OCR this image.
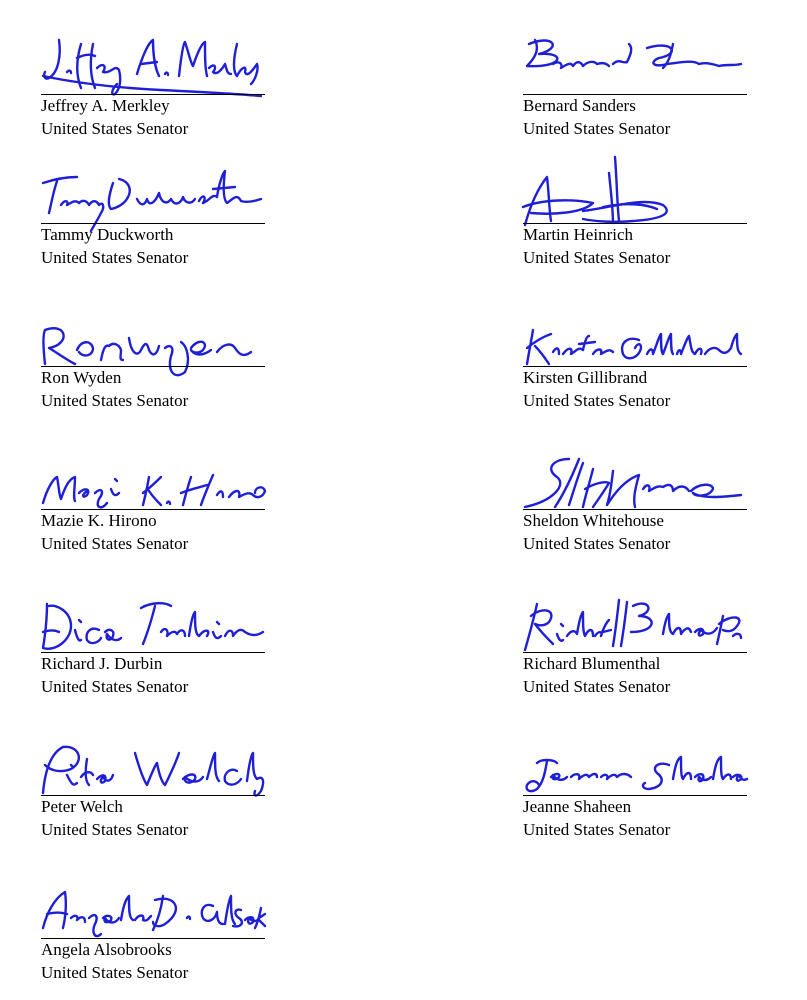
Jeffrey A. Merkley
United States Senator
Bernard Sanders
United States Senator
Tammy Duckworth
United States Senator
Martin Heinrich
United States Senator
Ron Wyden
United States Senator
Kirsten Gillibrand
United States Senator
Mazie K. Hirono
United States Senator
Sheldon Whitehouse
United States Senator
Richard J. Durbin
United States Senator
Richard Blumenthal
United States Senator
Peter Welch
United States Senator
Jeanne Shaheen
United States Senator
Angela Alsobrooks
United States Senator
